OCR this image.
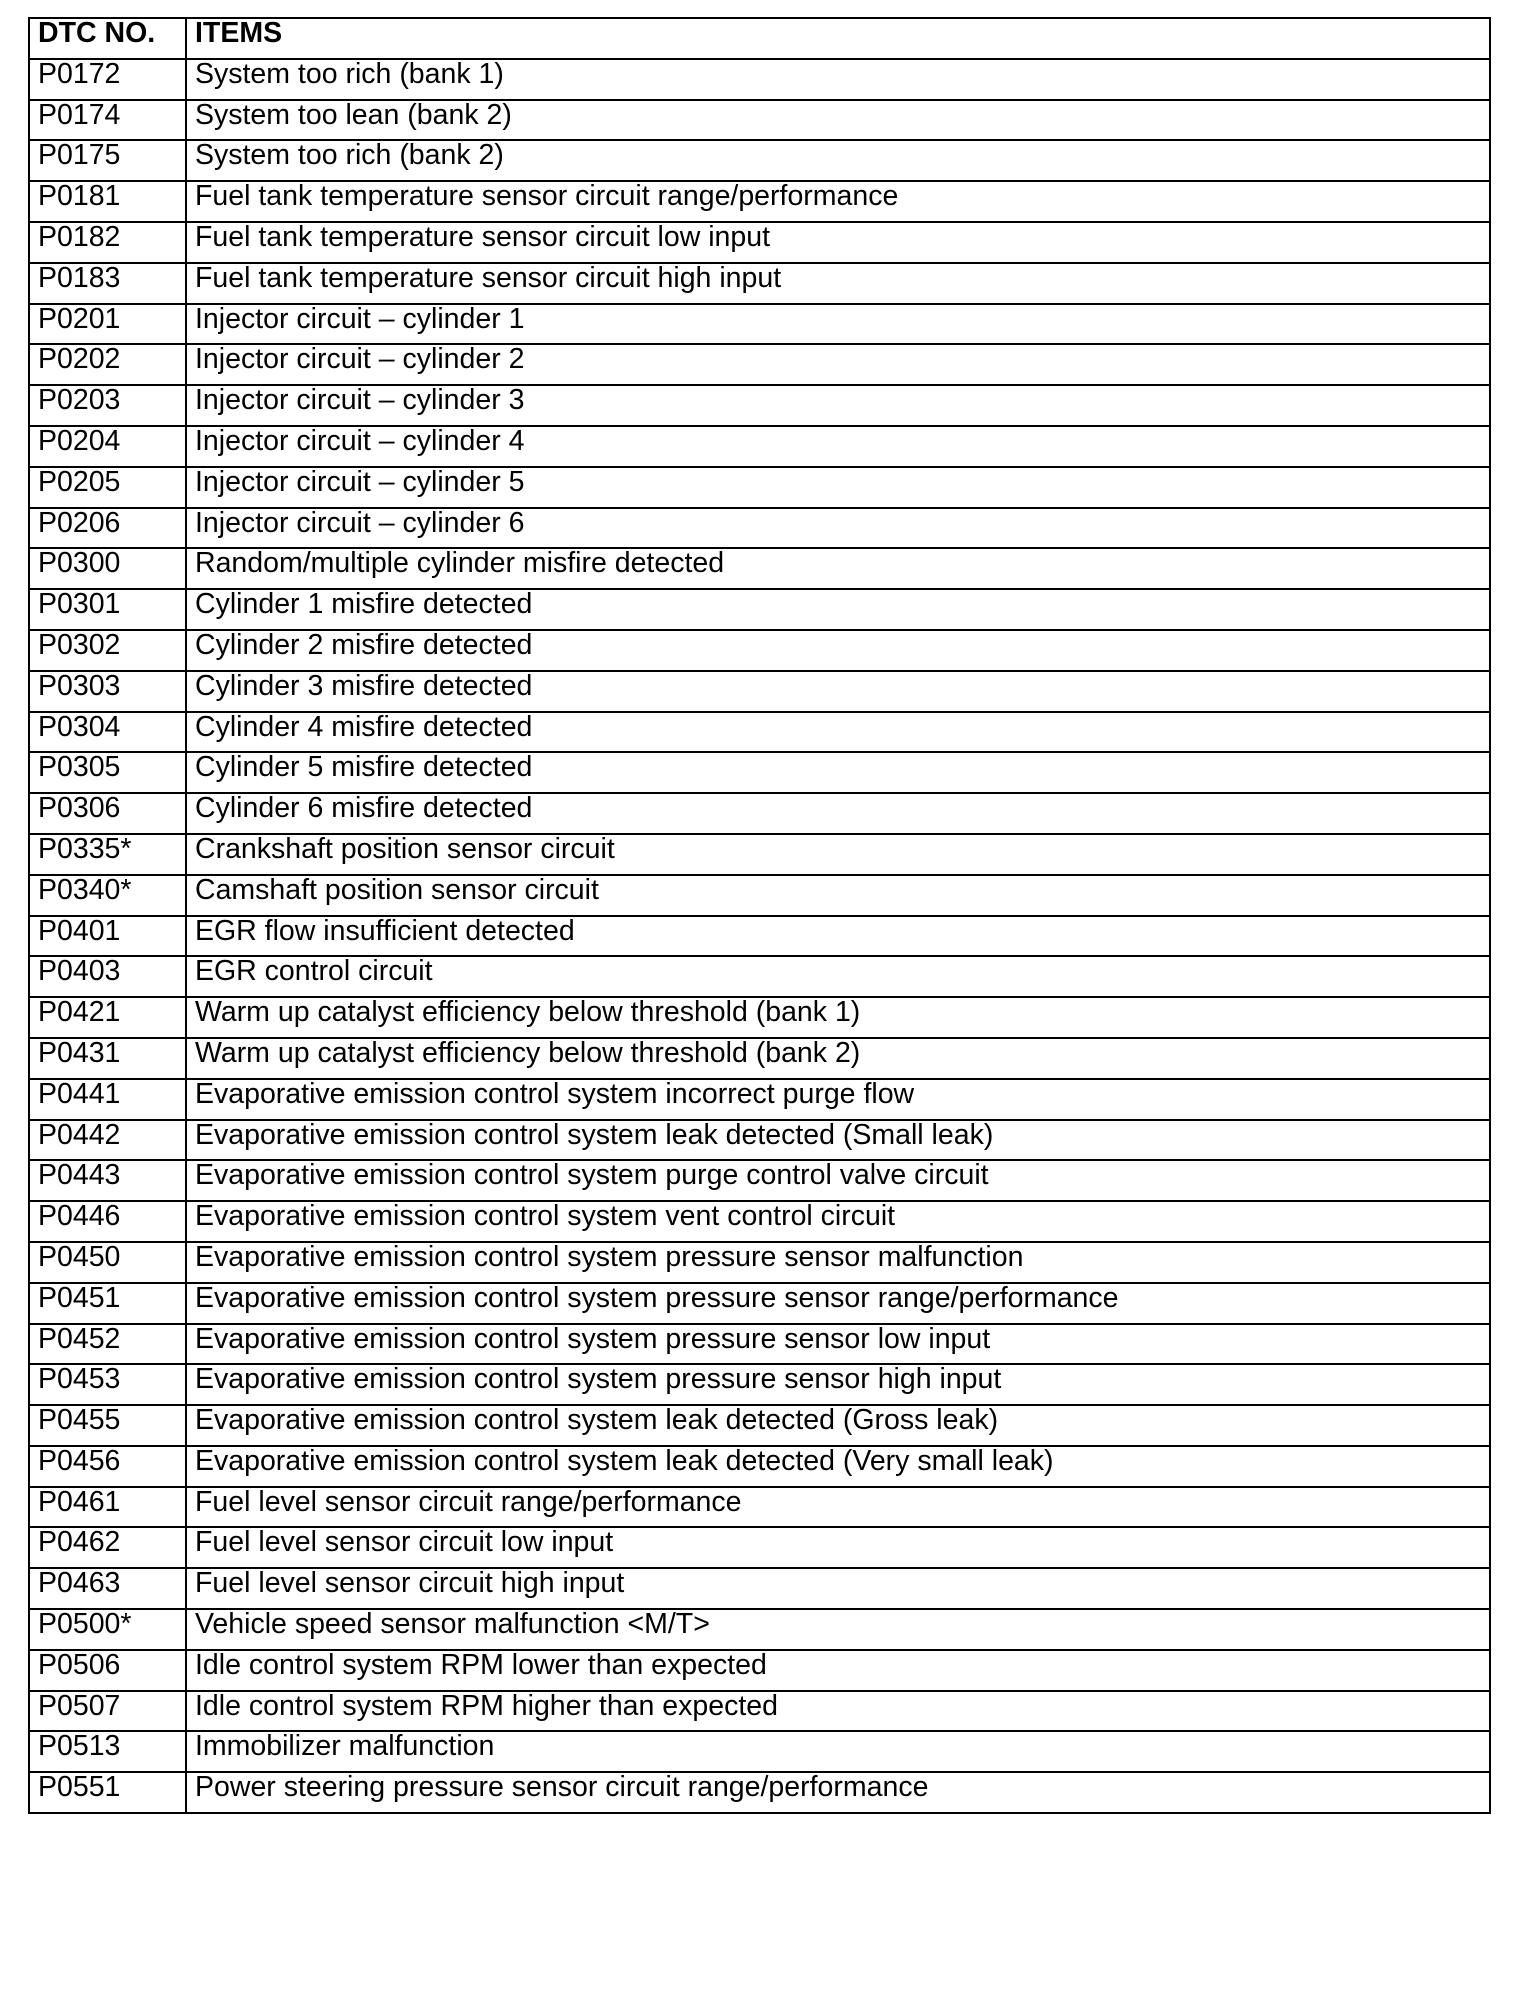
DTC NO.	ITEMS
P0172	System too rich (bank 1)
P0174	System too lean (bank 2)
P0175	System too rich (bank 2)
P0181	Fuel tank temperature sensor circuit range/performance
P0182	Fuel tank temperature sensor circuit low input
P0183	Fuel tank temperature sensor circuit high input
P0201	Injector circuit – cylinder 1
P0202	Injector circuit – cylinder 2
P0203	Injector circuit – cylinder 3
P0204	Injector circuit – cylinder 4
P0205	Injector circuit – cylinder 5
P0206	Injector circuit – cylinder 6
P0300	Random/multiple cylinder misfire detected
P0301	Cylinder 1 misfire detected
P0302	Cylinder 2 misfire detected
P0303	Cylinder 3 misfire detected
P0304	Cylinder 4 misfire detected
P0305	Cylinder 5 misfire detected
P0306	Cylinder 6 misfire detected
P0335*	Crankshaft position sensor circuit
P0340*	Camshaft position sensor circuit
P0401	EGR flow insufficient detected
P0403	EGR control circuit
P0421	Warm up catalyst efficiency below threshold (bank 1)
P0431	Warm up catalyst efficiency below threshold (bank 2)
P0441	Evaporative emission control system incorrect purge flow
P0442	Evaporative emission control system leak detected (Small leak)
P0443	Evaporative emission control system purge control valve circuit
P0446	Evaporative emission control system vent control circuit
P0450	Evaporative emission control system pressure sensor malfunction
P0451	Evaporative emission control system pressure sensor range/performance
P0452	Evaporative emission control system pressure sensor low input
P0453	Evaporative emission control system pressure sensor high input
P0455	Evaporative emission control system leak detected (Gross leak)
P0456	Evaporative emission control system leak detected (Very small leak)
P0461	Fuel level sensor circuit range/performance
P0462	Fuel level sensor circuit low input
P0463	Fuel level sensor circuit high input
P0500*	Vehicle speed sensor malfunction <M/T>
P0506	Idle control system RPM lower than expected
P0507	Idle control system RPM higher than expected
P0513	Immobilizer malfunction
P0551	Power steering pressure sensor circuit range/performance
